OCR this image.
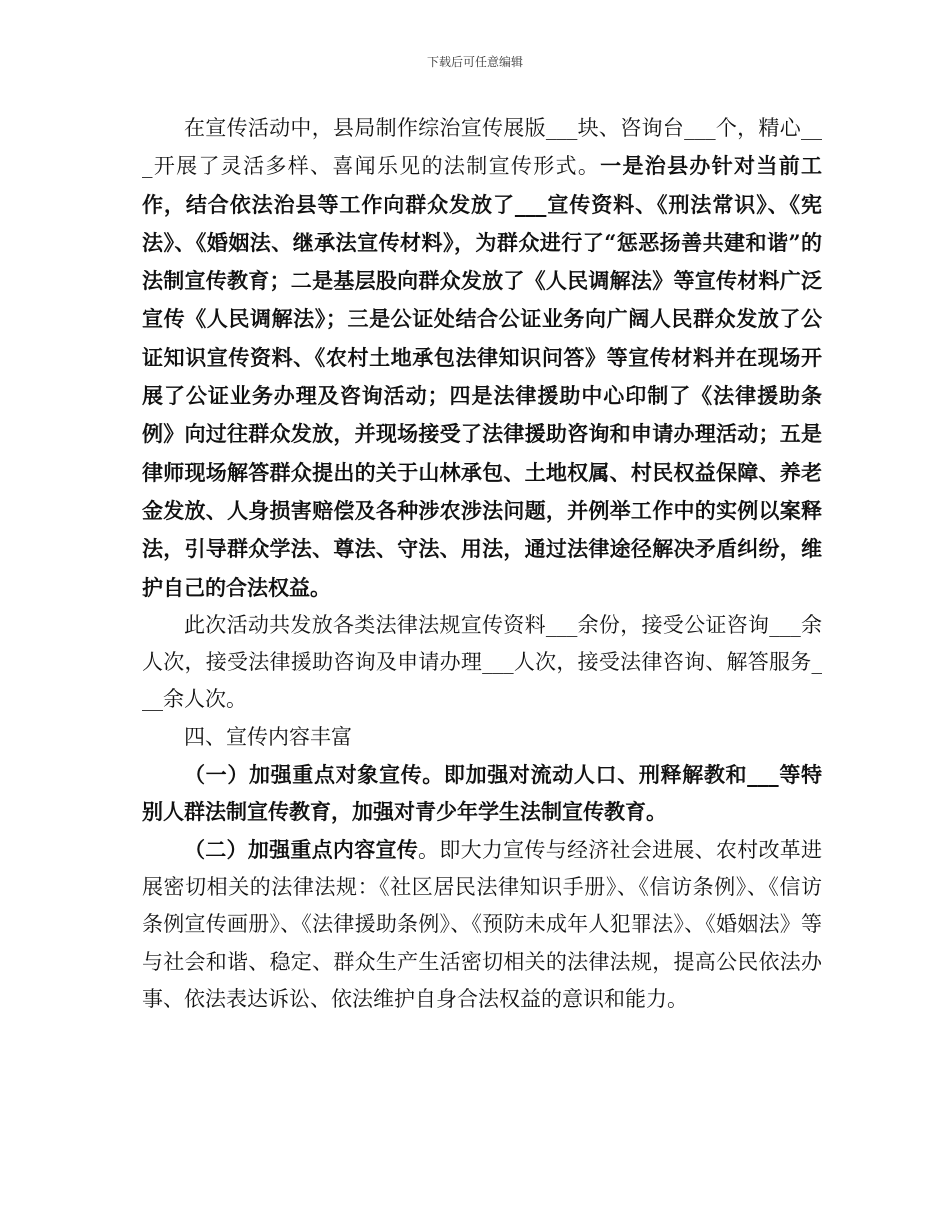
下载后可任意编辑

在宣传活动中，县局制作综治宣传展版___块、咨询台___个，精心___开展了灵活多样、喜闻乐见的法制宣传形式。一是治县办针对当前工作，结合依法治县等工作向群众发放了___宣传资料、《刑法常识》、《宪法》、《婚姻法、继承法宣传材料》，为群众进行了“惩恶扬善共建和谐”的法制宣传教育；二是基层股向群众发放了《人民调解法》等宣传材料广泛宣传《人民调解法》；三是公证处结合公证业务向广阔人民群众发放了公证知识宣传资料、《农村土地承包法律知识问答》等宣传材料并在现场开展了公证业务办理及咨询活动；四是法律援助中心印制了《法律援助条例》向过往群众发放，并现场接受了法律援助咨询和申请办理活动；五是律师现场解答群众提出的关于山林承包、土地权属、村民权益保障、养老金发放、人身损害赔偿及各种涉农涉法问题，并例举工作中的实例以案释法，引导群众学法、尊法、守法、用法，通过法律途径解决矛盾纠纷，维护自己的合法权益。

此次活动共发放各类法律法规宣传资料___余份，接受公证咨询___余人次，接受法律援助咨询及申请办理___人次，接受法律咨询、解答服务___余人次。

四、宣传内容丰富

（一）加强重点对象宣传。即加强对流动人口、刑释解教和___等特别人群法制宣传教育，加强对青少年学生法制宣传教育。

（二）加强重点内容宣传。即大力宣传与经济社会进展、农村改革进展密切相关的法律法规：《社区居民法律知识手册》、《信访条例》、《信访条例宣传画册》、《法律援助条例》、《预防未成年人犯罪法》、《婚姻法》等与社会和谐、稳定、群众生产生活密切相关的法律法规，提高公民依法办事、依法表达诉讼、依法维护自身合法权益的意识和能力。
